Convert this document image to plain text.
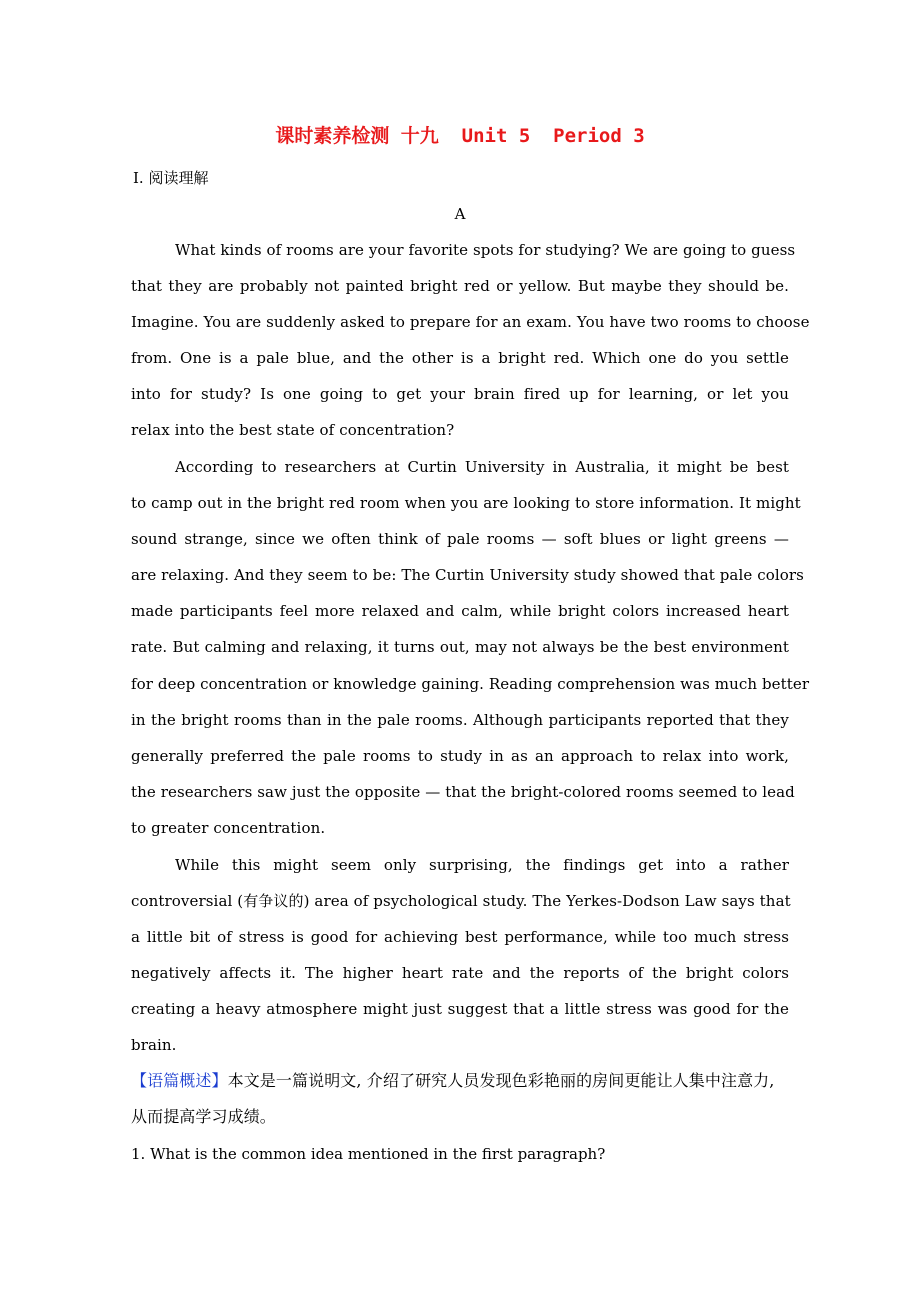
课时素养检测 十九  Unit 5  Period 3
Ⅰ. 阅读理解
A
What kinds of rooms are your favorite spots for studying? We are going to guess
that they are probably not painted bright red or yellow. But maybe they should be.
Imagine. You are suddenly asked to prepare for an exam. You have two rooms to choose
from. One is a pale blue, and the other is a bright red. Which one do you settle
into for study? Is one going to get your brain fired up for learning, or let you
relax into the best state of concentration?
According to researchers at Curtin University in Australia, it might be best
to camp out in the bright red room when you are looking to store information. It might
sound strange, since we often think of pale rooms — soft blues or light greens —
are relaxing. And they seem to be: The Curtin University study showed that pale colors
made participants feel more relaxed and calm, while bright colors increased heart
rate. But calming and relaxing, it turns out, may not always be the best environment
for deep concentration or knowledge gaining. Reading comprehension was much better
in the bright rooms than in the pale rooms. Although participants reported that they
generally preferred the pale rooms to study in as an approach to relax into work,
the researchers saw just the opposite — that the bright-colored rooms seemed to lead
to greater concentration.
While this might seem only surprising, the findings get into a rather
controversial (有争议的) area of psychological study. The Yerkes-Dodson Law says that
a little bit of stress is good for achieving best performance, while too much stress
negatively affects it. The higher heart rate and the reports of the bright colors
creating a heavy atmosphere might just suggest that a little stress was good for the
brain.
【语篇概述】本文是一篇说明文, 介绍了研究人员发现色彩艳丽的房间更能让人集中注意力,
从而提高学习成绩。
1. What is the common idea mentioned in the first paragraph?
